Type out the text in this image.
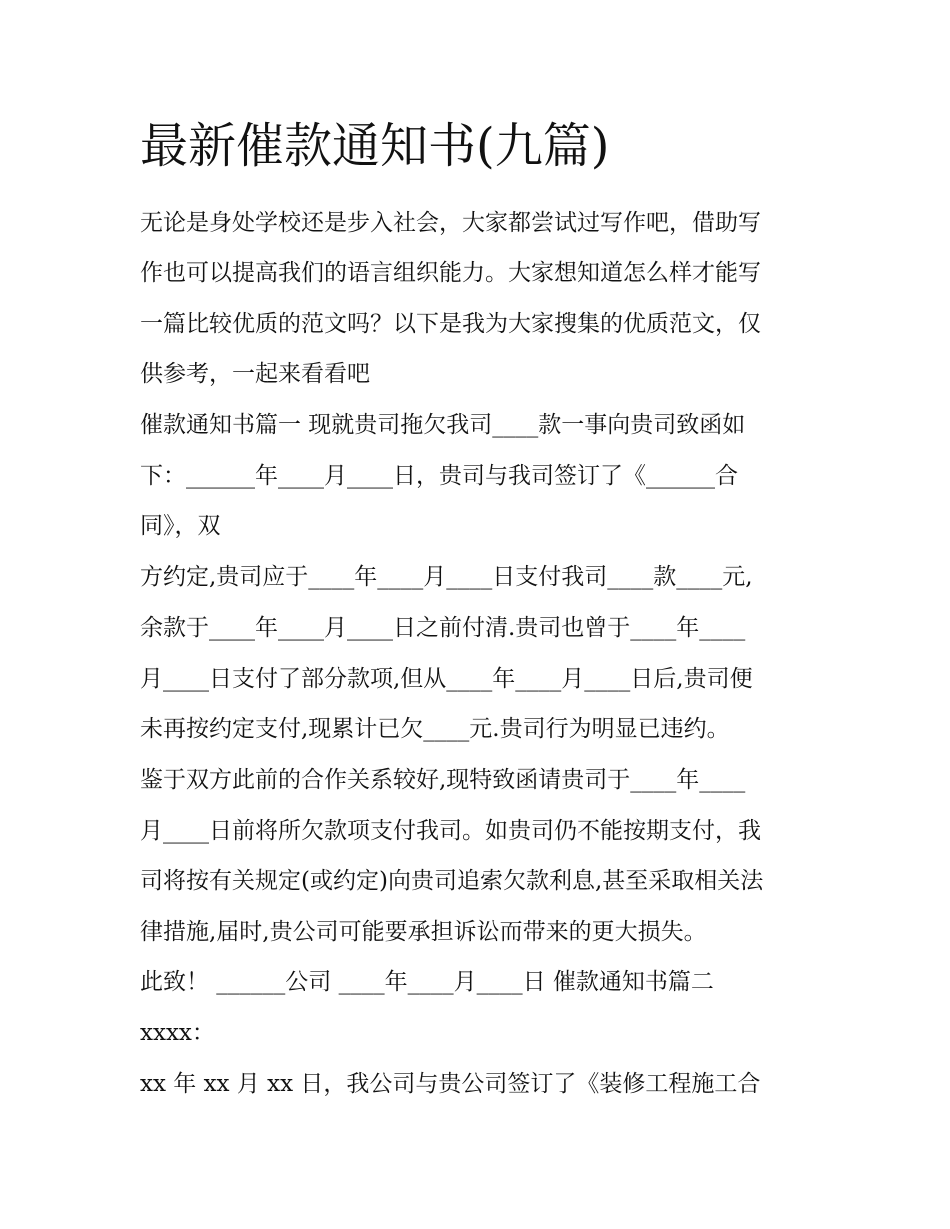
最新催款通知书(九篇)

无论是身处学校还是步入社会，大家都尝试过写作吧，借助写

作也可以提高我们的语言组织能力。大家想知道怎么样才能写

一篇比较优质的范文吗？以下是我为大家搜集的优质范文，仅

供参考，一起来看看吧

催款通知书篇一 现就贵司拖欠我司____款一事向贵司致函如

下：______年____月____日，贵司与我司签订了《______合

同》，双

方约定,贵司应于____年____月____日支付我司____款____元,

余款于____年____月____日之前付清.贵司也曾于____年____

月____日支付了部分款项,但从____年____月____日后,贵司便

未再按约定支付,现累计已欠____元.贵司行为明显已违约。

鉴于双方此前的合作关系较好,现特致函请贵司于____年____

月____日前将所欠款项支付我司。如贵司仍不能按期支付，我

司将按有关规定(或约定)向贵司追索欠款利息,甚至采取相关法

律措施,届时,贵公司可能要承担诉讼而带来的更大损失。

此致！ ______公司 ____年____月____日 催款通知书篇二

xxxx：

xx 年 xx 月 xx 日，我公司与贵公司签订了《装修工程施工合
